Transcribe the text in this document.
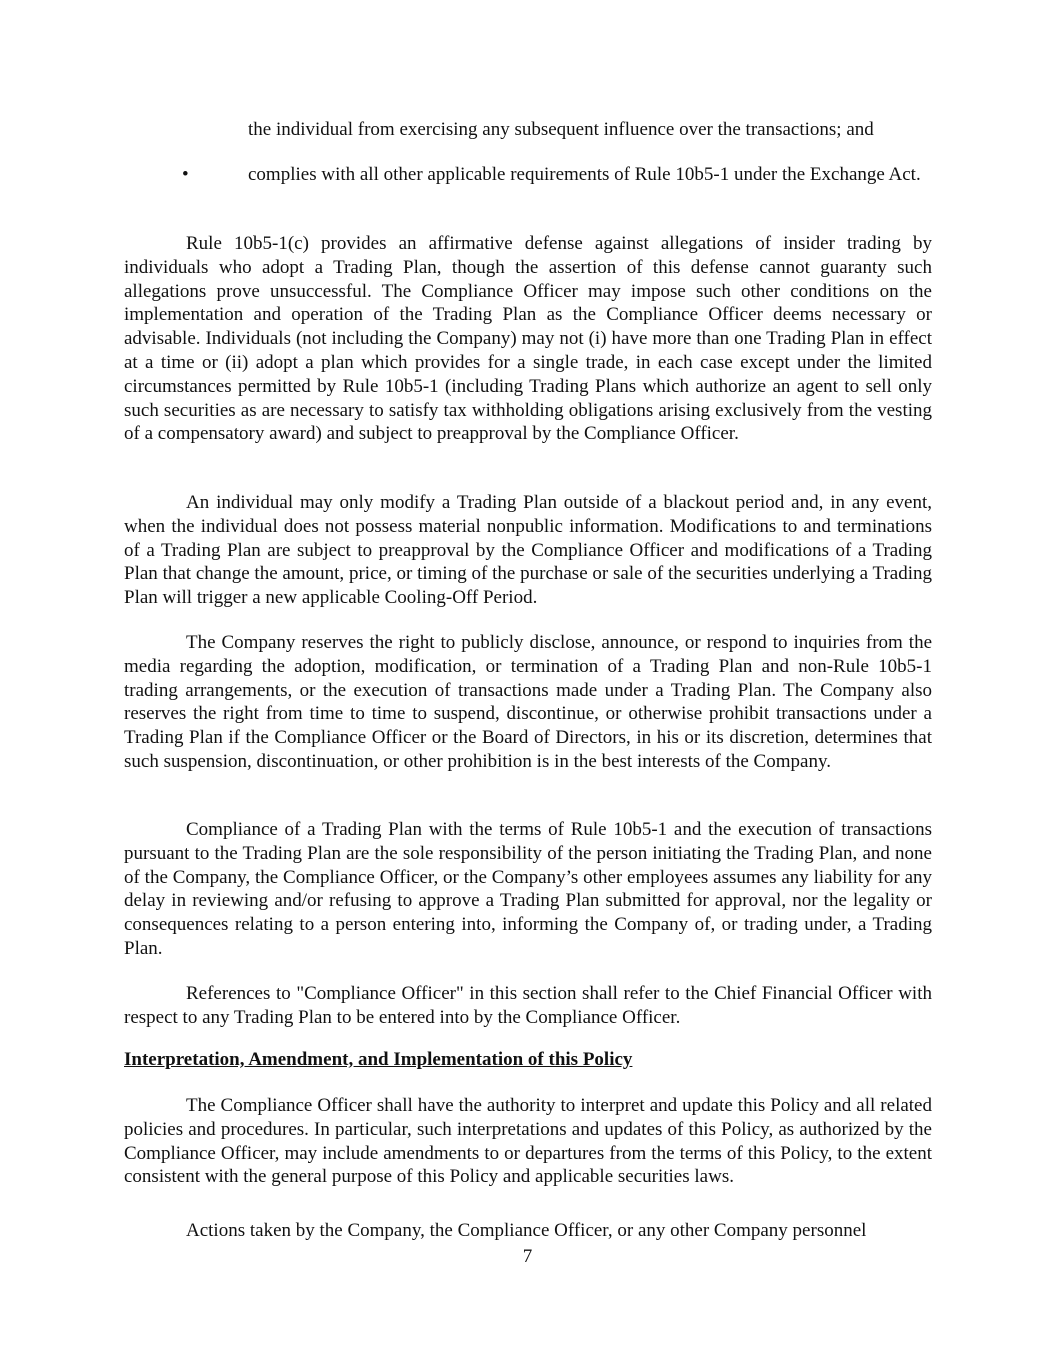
the individual from exercising any subsequent influence over the transactions; and
•	complies with all other applicable requirements of Rule 10b5-1 under the Exchange Act.

Rule 10b5-1(c) provides an affirmative defense against allegations of insider trading by individuals who adopt a Trading Plan, though the assertion of this defense cannot guaranty such allegations prove unsuccessful. The Compliance Officer may impose such other conditions on the implementation and operation of the Trading Plan as the Compliance Officer deems necessary or advisable. Individuals (not including the Company) may not (i) have more than one Trading Plan in effect at a time or (ii) adopt a plan which provides for a single trade, in each case except under the limited circumstances permitted by Rule 10b5-1 (including Trading Plans which authorize an agent to sell only such securities as are necessary to satisfy tax withholding obligations arising exclusively from the vesting of a compensatory award) and subject to preapproval by the Compliance Officer.

An individual may only modify a Trading Plan outside of a blackout period and, in any event, when the individual does not possess material nonpublic information. Modifications to and terminations of a Trading Plan are subject to preapproval by the Compliance Officer and modifications of a Trading Plan that change the amount, price, or timing of the purchase or sale of the securities underlying a Trading Plan will trigger a new applicable Cooling-Off Period.

The Company reserves the right to publicly disclose, announce, or respond to inquiries from the media regarding the adoption, modification, or termination of a Trading Plan and non-Rule 10b5-1 trading arrangements, or the execution of transactions made under a Trading Plan. The Company also reserves the right from time to time to suspend, discontinue, or otherwise prohibit transactions under a Trading Plan if the Compliance Officer or the Board of Directors, in his or its discretion, determines that such suspension, discontinuation, or other prohibition is in the best interests of the Company.

Compliance of a Trading Plan with the terms of Rule 10b5-1 and the execution of transactions pursuant to the Trading Plan are the sole responsibility of the person initiating the Trading Plan, and none of the Company, the Compliance Officer, or the Company’s other employees assumes any liability for any delay in reviewing and/or refusing to approve a Trading Plan submitted for approval, nor the legality or consequences relating to a person entering into, informing the Company of, or trading under, a Trading Plan.

References to "Compliance Officer" in this section shall refer to the Chief Financial Officer with respect to any Trading Plan to be entered into by the Compliance Officer.

Interpretation, Amendment, and Implementation of this Policy

The Compliance Officer shall have the authority to interpret and update this Policy and all related policies and procedures. In particular, such interpretations and updates of this Policy, as authorized by the Compliance Officer, may include amendments to or departures from the terms of this Policy, to the extent consistent with the general purpose of this Policy and applicable securities laws.

Actions taken by the Company, the Compliance Officer, or any other Company personnel

7
